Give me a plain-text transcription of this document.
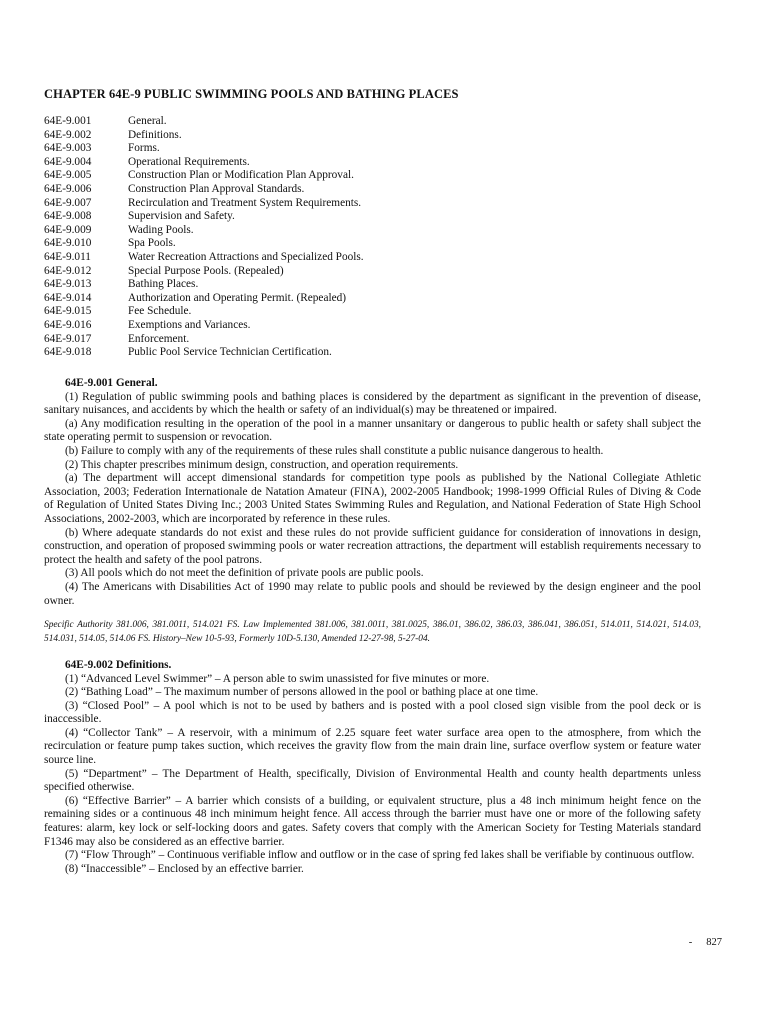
CHAPTER 64E-9 PUBLIC SWIMMING POOLS AND BATHING PLACES
64E-9.001	General.
64E-9.002	Definitions.
64E-9.003	Forms.
64E-9.004	Operational Requirements.
64E-9.005	Construction Plan or Modification Plan Approval.
64E-9.006	Construction Plan Approval Standards.
64E-9.007	Recirculation and Treatment System Requirements.
64E-9.008	Supervision and Safety.
64E-9.009	Wading Pools.
64E-9.010	Spa Pools.
64E-9.011	Water Recreation Attractions and Specialized Pools.
64E-9.012	Special Purpose Pools. (Repealed)
64E-9.013	Bathing Places.
64E-9.014	Authorization and Operating Permit. (Repealed)
64E-9.015	Fee Schedule.
64E-9.016	Exemptions and Variances.
64E-9.017	Enforcement.
64E-9.018	Public Pool Service Technician Certification.

64E-9.001 General.

(1) Regulation of public swimming pools and bathing places is considered by the department as significant in the prevention of disease, sanitary nuisances, and accidents by which the health or safety of an individual(s) may be threatened or impaired.

(a) Any modification resulting in the operation of the pool in a manner unsanitary or dangerous to public health or safety shall subject the state operating permit to suspension or revocation.

(b) Failure to comply with any of the requirements of these rules shall constitute a public nuisance dangerous to health.

(2) This chapter prescribes minimum design, construction, and operation requirements.

(a) The department will accept dimensional standards for competition type pools as published by the National Collegiate Athletic Association, 2003; Federation Internationale de Natation Amateur (FINA), 2002-2005 Handbook; 1998-1999 Official Rules of Diving & Code of Regulation of United States Diving Inc.; 2003 United States Swimming Rules and Regulation, and National Federation of State High School Associations, 2002-2003, which are incorporated by reference in these rules.

(b) Where adequate standards do not exist and these rules do not provide sufficient guidance for consideration of innovations in design, construction, and operation of proposed swimming pools or water recreation attractions, the department will establish requirements necessary to protect the health and safety of the pool patrons.

(3) All pools which do not meet the definition of private pools are public pools.

(4) The Americans with Disabilities Act of 1990 may relate to public pools and should be reviewed by the design engineer and the pool owner.

Specific Authority 381.006, 381.0011, 514.021 FS. Law Implemented 381.006, 381.0011, 381.0025, 386.01, 386.02, 386.03, 386.041, 386.051, 514.011, 514.021, 514.03, 514.031, 514.05, 514.06 FS. History–New 10-5-93, Formerly 10D-5.130, Amended 12-27-98, 5-27-04.

64E-9.002 Definitions.

(1) “Advanced Level Swimmer” – A person able to swim unassisted for five minutes or more.

(2) “Bathing Load” – The maximum number of persons allowed in the pool or bathing place at one time.

(3) “Closed Pool” – A pool which is not to be used by bathers and is posted with a pool closed sign visible from the pool deck or is inaccessible.

(4) “Collector Tank” – A reservoir, with a minimum of 2.25 square feet water surface area open to the atmosphere, from which the recirculation or feature pump takes suction, which receives the gravity flow from the main drain line, surface overflow system or feature water source line.

(5) “Department” – The Department of Health, specifically, Division of Environmental Health and county health departments unless specified otherwise.

(6) “Effective Barrier” – A barrier which consists of a building, or equivalent structure, plus a 48 inch minimum height fence on the remaining sides or a continuous 48 inch minimum height fence. All access through the barrier must have one or more of the following safety features: alarm, key lock or self-locking doors and gates. Safety covers that comply with the American Society for Testing Materials standard F1346 may also be considered as an effective barrier.

(7) “Flow Through” – Continuous verifiable inflow and outflow or in the case of spring fed lakes shall be verifiable by continuous outflow.

(8) “Inaccessible” – Enclosed by an effective barrier.

- 827
